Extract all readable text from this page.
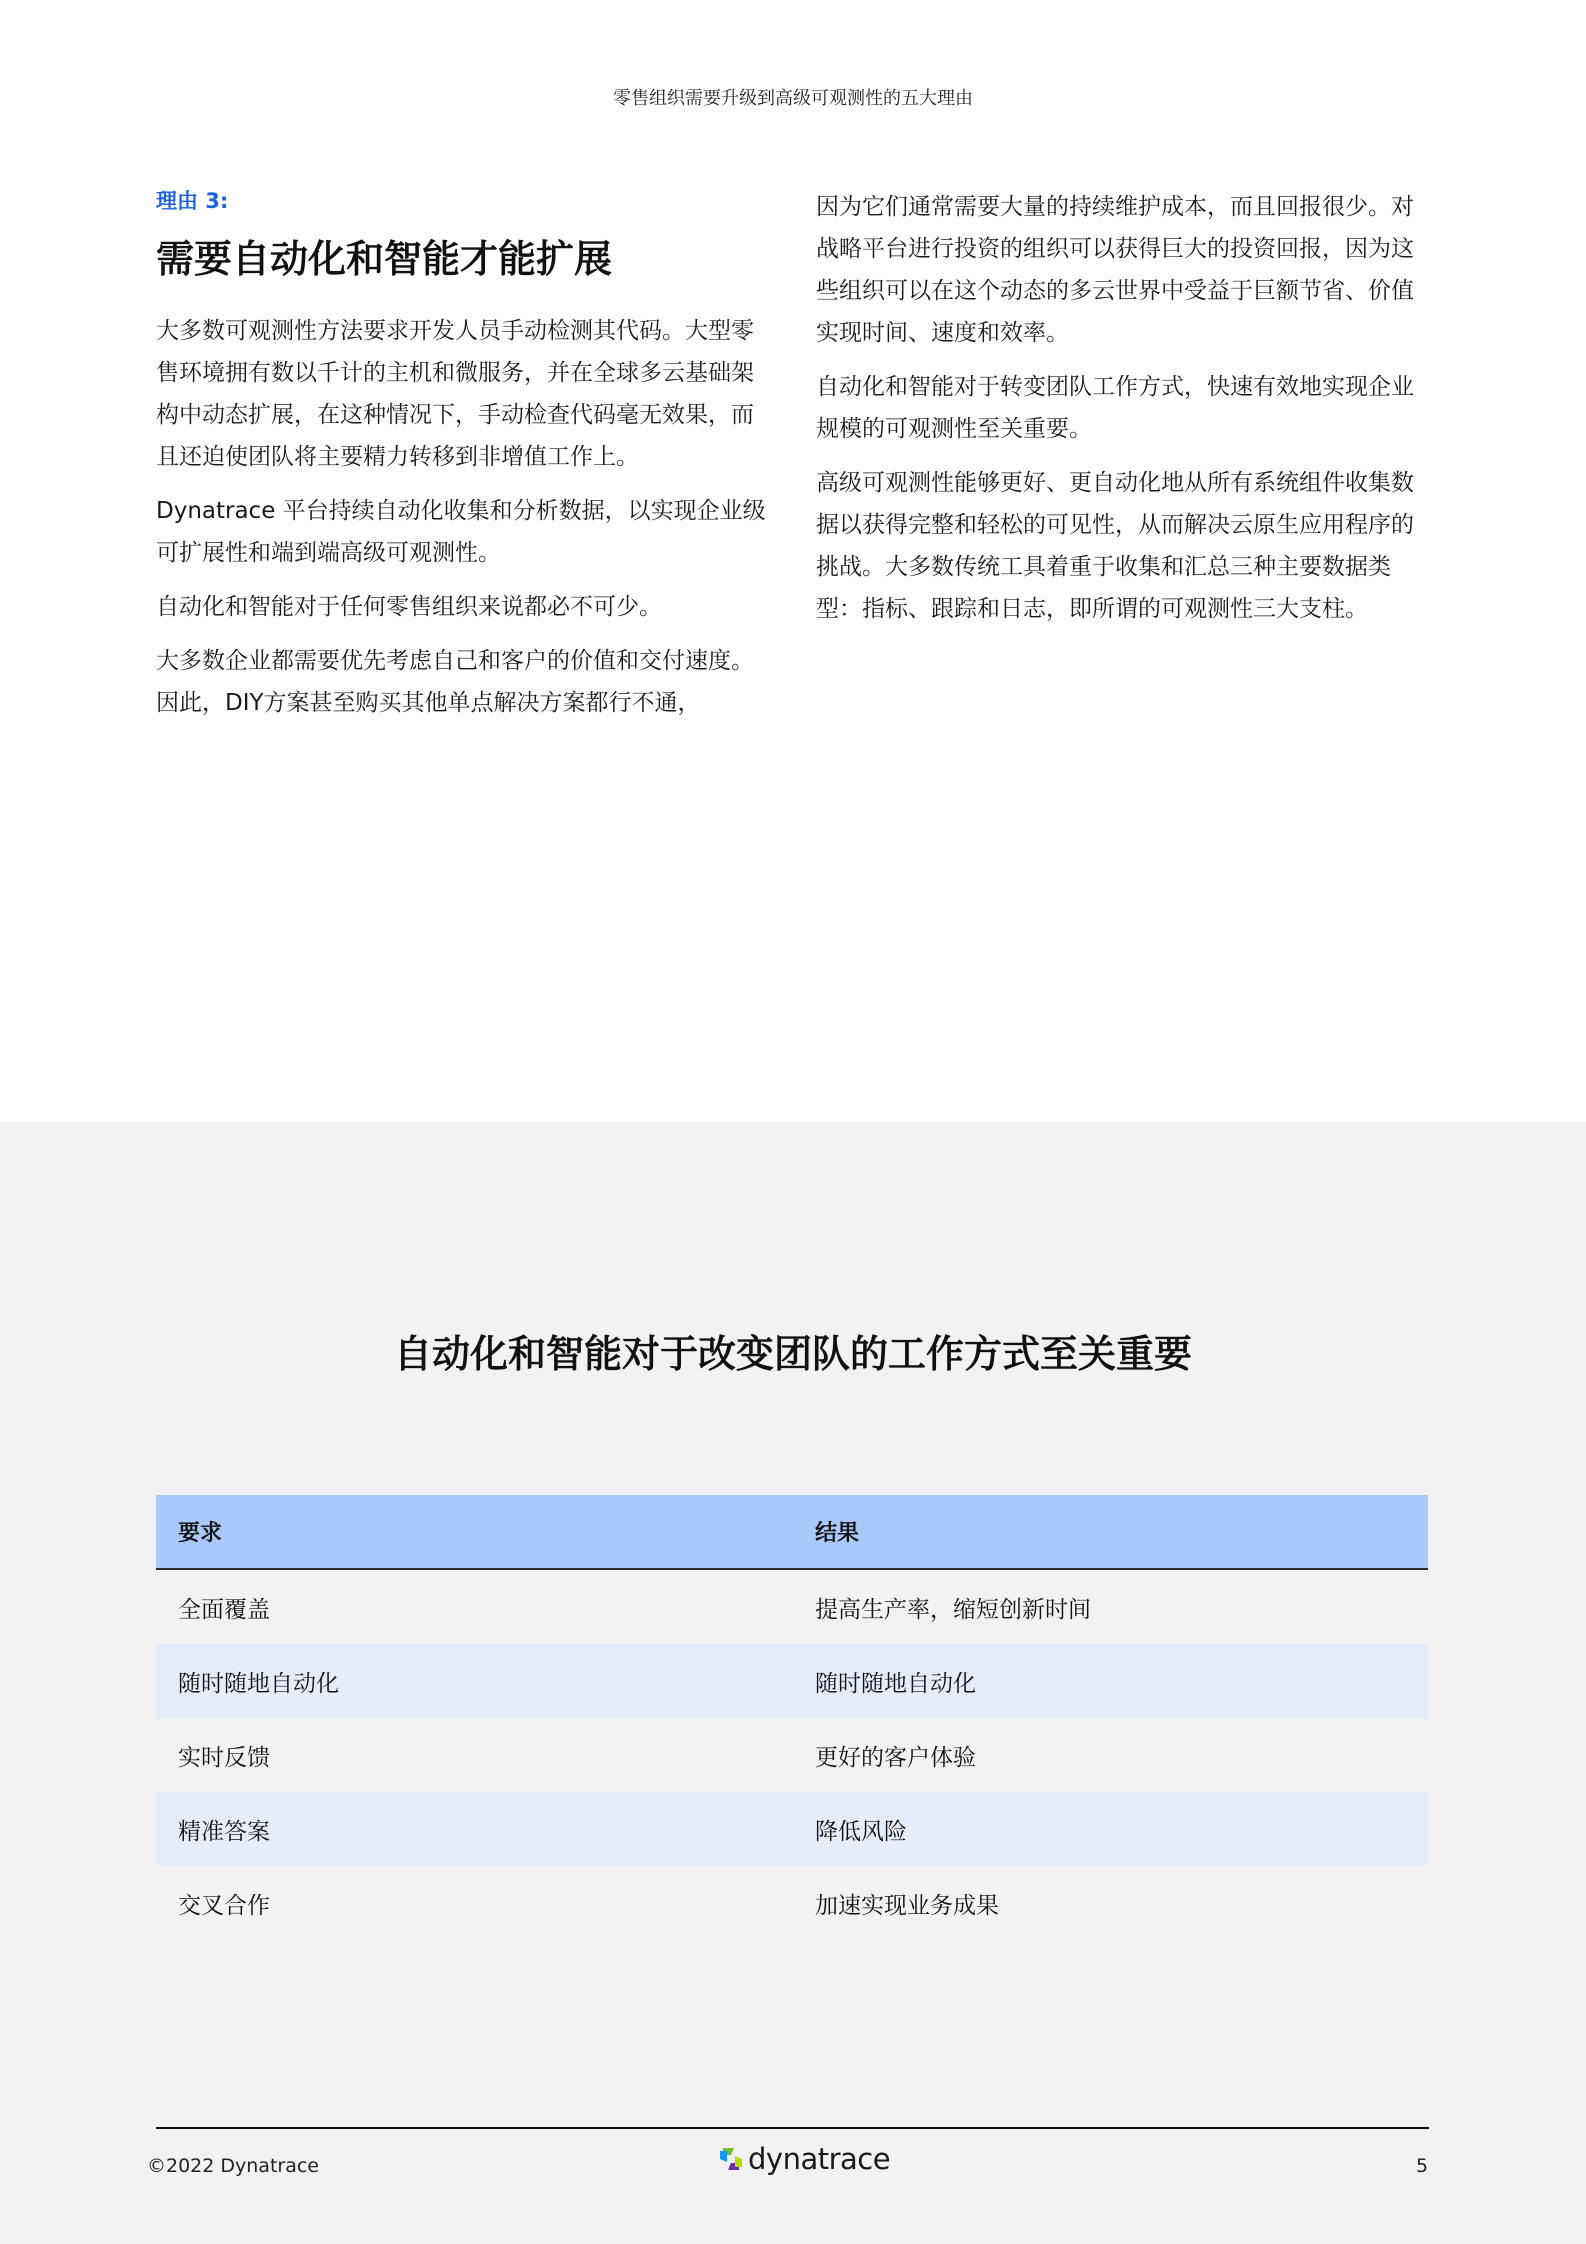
零售组织需要升级到高级可观测性的五大理由
理由 3:
需要自动化和智能才能扩展

大多数可观测性方法要求开发人员手动检测其代码。大型零售环境拥有数以千计的主机和微服务，并在全球多云基础架构中动态扩展，在这种情况下，手动检查代码毫无效果，而且还迫使团队将主要精力转移到非增值工作上。

Dynatrace 平台持续自动化收集和分析数据，以实现企业级可扩展性和端到端高级可观测性。

自动化和智能对于任何零售组织来说都必不可少。

大多数企业都需要优先考虑自己和客户的价值和交付速度。因此，DIY方案甚至购买其他单点解决方案都行不通，

因为它们通常需要大量的持续维护成本，而且回报很少。对战略平台进行投资的组织可以获得巨大的投资回报，因为这些组织可以在这个动态的多云世界中受益于巨额节省、价值实现时间、速度和效率。

自动化和智能对于转变团队工作方式，快速有效地实现企业规模的可观测性至关重要。

高级可观测性能够更好、更自动化地从所有系统组件收集数据以获得完整和轻松的可见性，从而解决云原生应用程序的挑战。大多数传统工具着重于收集和汇总三种主要数据类型：指标、跟踪和日志，即所谓的可观测性三大支柱。

自动化和智能对于改变团队的工作方式至关重要
要求	结果
全面覆盖	提高生产率，缩短创新时间
随时随地自动化	随时随地自动化
实时反馈	更好的客户体验
精准答案	降低风险
交叉合作	加速实现业务成果
©2022 Dynatrace	dynatrace	5
